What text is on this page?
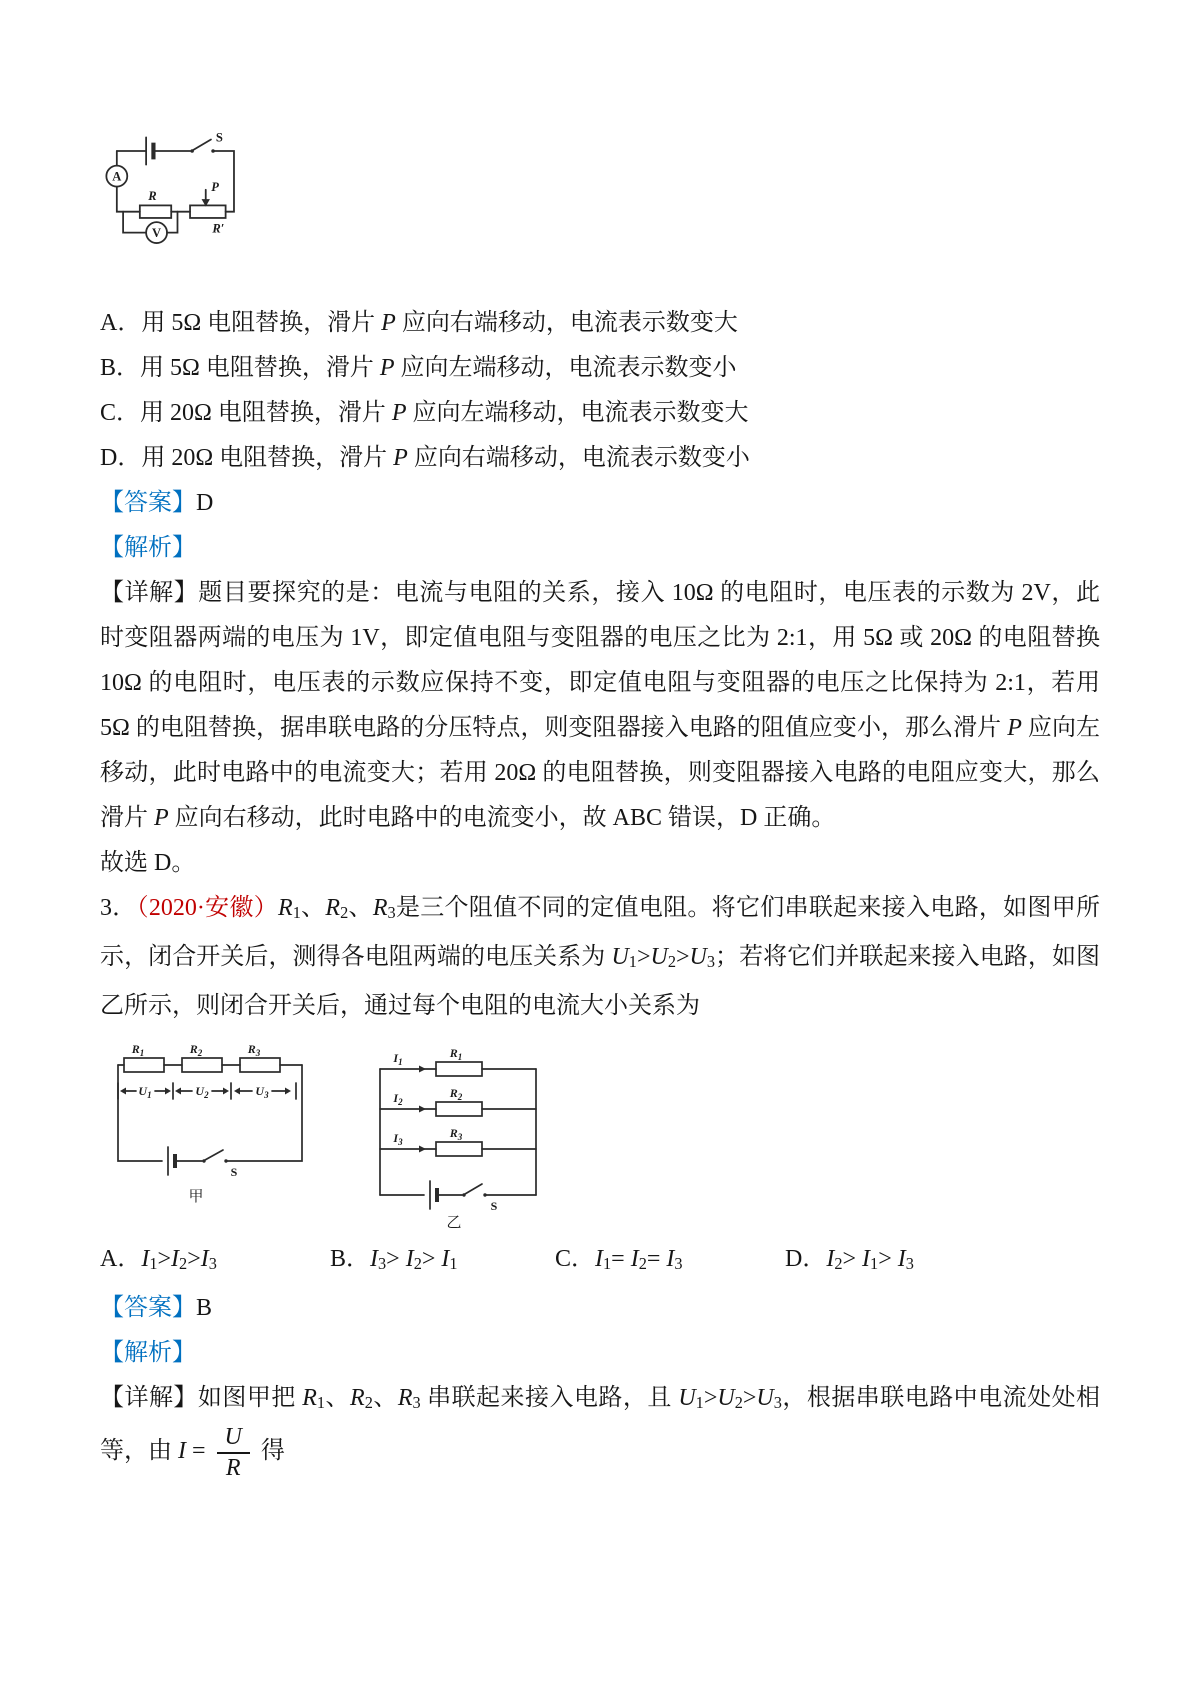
S
A
R
P
R′
V
A．用 5Ω 电阻替换，滑片 P 应向右端移动，电流表示数变大
B．用 5Ω 电阻替换，滑片 P 应向左端移动，电流表示数变小
C．用 20Ω 电阻替换，滑片 P 应向左端移动，电流表示数变大
D．用 20Ω 电阻替换，滑片 P 应向右端移动，电流表示数变小
【答案】D
【解析】

【详解】题目要探究的是：电流与电阻的关系，接入 10Ω 的电阻时，电压表的示数为 2V，此时变阻器两端的电压为 1V，即定值电阻与变阻器的电压之比为 2:1，用 5Ω 或 20Ω 的电阻替换 10Ω 的电阻时，电压表的示数应保持不变，即定值电阻与变阻器的电压之比保持为 2:1，若用 5Ω 的电阻替换，据串联电路的分压特点，则变阻器接入电路的阻值应变小，那么滑片 P 应向左移动，此时电路中的电流变大；若用 20Ω 的电阻替换，则变阻器接入电路的电阻应变大，那么滑片 P 应向右移动，此时电路中的电流变小，故 ABC 错误，D 正确。

故选 D。

3．（2020·安徽）R1、R2、R3是三个阻值不同的定值电阻。将它们串联起来接入电路，如图甲所示，闭合开关后，测得各电阻两端的电压关系为 U1>U2>U3；若将它们并联起来接入电路，如图乙所示，则闭合开关后，通过每个电阻的电流大小关系为

$R_1$	$R_2$	$R_3$
$U_1$	$U_2$	$U_3$
S
甲
$I_1$
$R_1$
$I_2$
$R_2$
$I_3$
$R_3$
S
乙
A．I1>I2>I3	B．I3> I2> I1	C．I1= I2= I3	D．I2> I1> I3
【答案】B
【解析】

【详解】如图甲把 R1、R2、R3 串联起来接入电路，且 U1>U2>U3，根据串联电路中电流处处相等，由 $I = \frac{U}{R}$ 得
